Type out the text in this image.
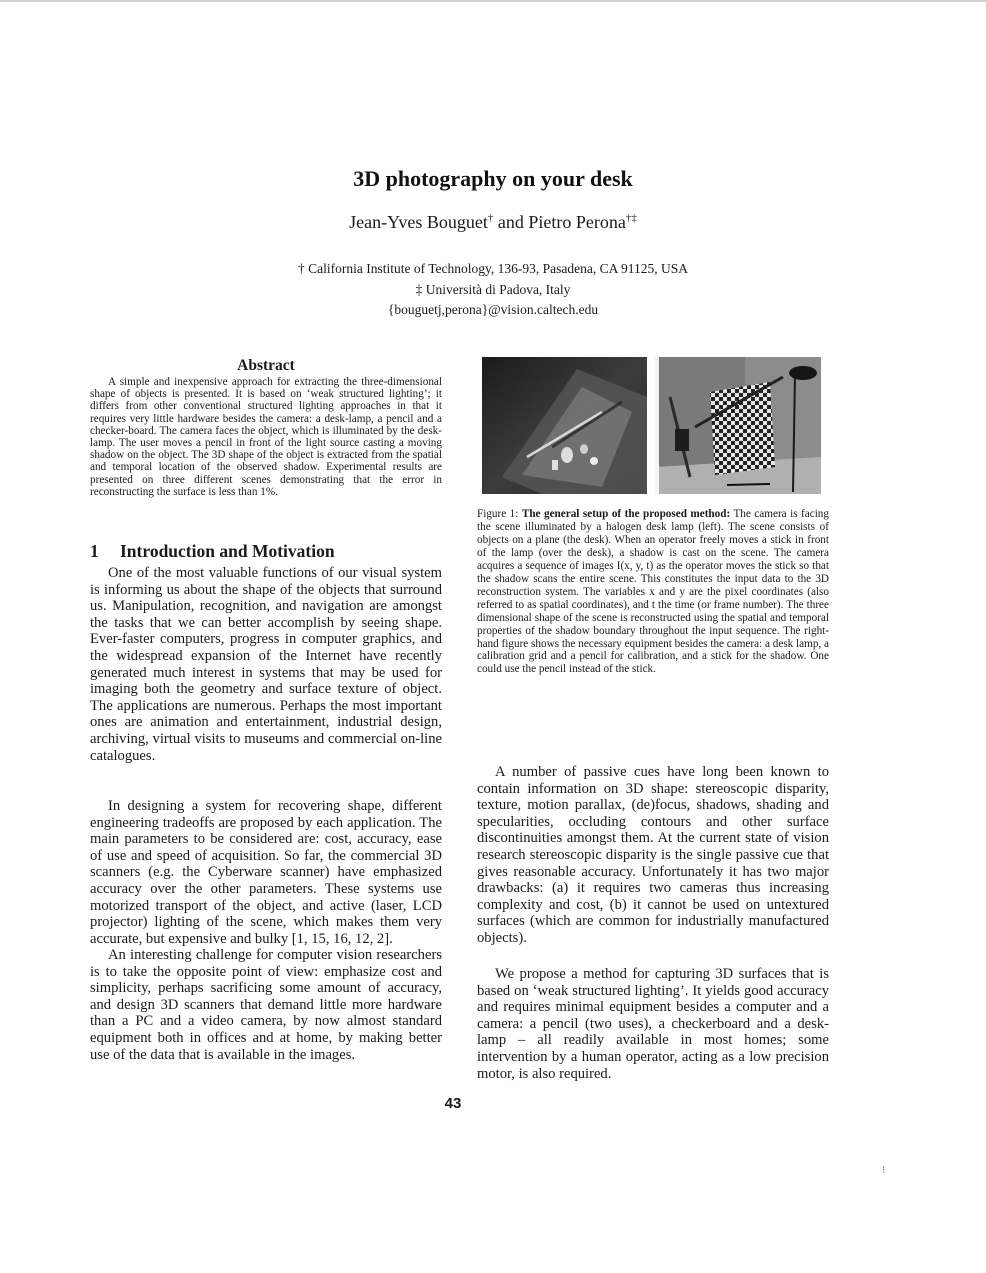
3D photography on your desk
Jean-Yves Bouguet† and Pietro Perona†‡
† California Institute of Technology, 136-93, Pasadena, CA 91125, USA
‡ Università di Padova, Italy
{bouguetj,perona}@vision.caltech.edu
Abstract

A simple and inexpensive approach for extracting the three-dimensional shape of objects is presented. It is based on ‘weak structured lighting’; it differs from other conventional structured lighting approaches in that it requires very little hardware besides the camera: a desk-lamp, a pencil and a checker-board. The camera faces the object, which is illuminated by the desk-lamp. The user moves a pencil in front of the light source casting a moving shadow on the object. The 3D shape of the object is extracted from the spatial and temporal location of the observed shadow. Experimental results are presented on three different scenes demonstrating that the error in reconstructing the surface is less than 1%.

1 Introduction and Motivation

One of the most valuable functions of our visual system is informing us about the shape of the objects that surround us. Manipulation, recognition, and navigation are amongst the tasks that we can better accomplish by seeing shape. Ever-faster computers, progress in computer graphics, and the widespread expansion of the Internet have recently generated much interest in systems that may be used for imaging both the geometry and surface texture of object. The applications are numerous. Perhaps the most important ones are animation and entertainment, industrial design, archiving, virtual visits to museums and commercial on-line catalogues.

In designing a system for recovering shape, different engineering tradeoffs are proposed by each application. The main parameters to be considered are: cost, accuracy, ease of use and speed of acquisition. So far, the commercial 3D scanners (e.g. the Cyberware scanner) have emphasized accuracy over the other parameters. These systems use motorized transport of the object, and active (laser, LCD projector) lighting of the scene, which makes them very accurate, but expensive and bulky [1, 15, 16, 12, 2].

An interesting challenge for computer vision researchers is to take the opposite point of view: emphasize cost and simplicity, perhaps sacrificing some amount of accuracy, and design 3D scanners that demand little more hardware than a PC and a video camera, by now almost standard equipment both in offices and at home, by making better use of the data that is available in the images.

Figure 1: The general setup of the proposed method: The camera is facing the scene illuminated by a halogen desk lamp (left). The scene consists of objects on a plane (the desk). When an operator freely moves a stick in front of the lamp (over the desk), a shadow is cast on the scene. The camera acquires a sequence of images I(x, y, t) as the operator moves the stick so that the shadow scans the entire scene. This constitutes the input data to the 3D reconstruction system. The variables x and y are the pixel coordinates (also referred to as spatial coordinates), and t the time (or frame number). The three dimensional shape of the scene is reconstructed using the spatial and temporal properties of the shadow boundary throughout the input sequence. The right-hand figure shows the necessary equipment besides the camera: a desk lamp, a calibration grid and a pencil for calibration, and a stick for the shadow. One could use the pencil instead of the stick.

A number of passive cues have long been known to contain information on 3D shape: stereoscopic disparity, texture, motion parallax, (de)focus, shadows, shading and specularities, occluding contours and other surface discontinuities amongst them. At the current state of vision research stereoscopic disparity is the single passive cue that gives reasonable accuracy. Unfortunately it has two major drawbacks: (a) it requires two cameras thus increasing complexity and cost, (b) it cannot be used on untextured surfaces (which are common for industrially manufactured objects).

We propose a method for capturing 3D surfaces that is based on ‘weak structured lighting’. It yields good accuracy and requires minimal equipment besides a computer and a camera: a pencil (two uses), a checkerboard and a desk-lamp – all readily available in most homes; some intervention by a human operator, acting as a low precision motor, is also required.

43
⁝
